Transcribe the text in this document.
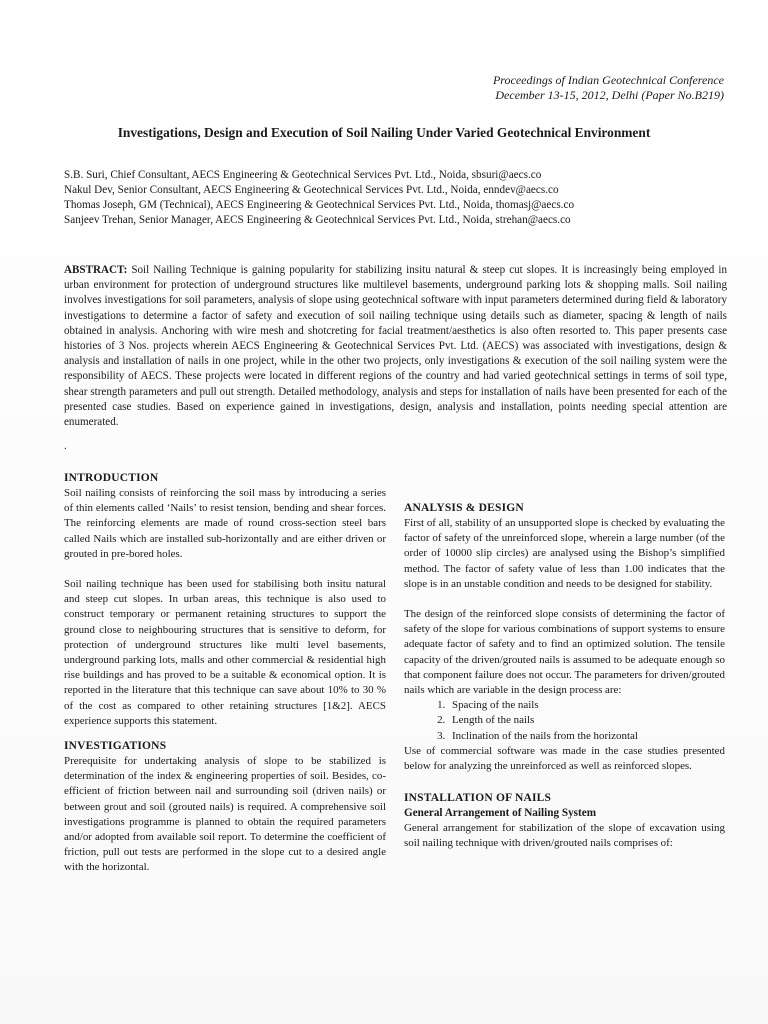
Proceedings of Indian Geotechnical Conference
December 13-15, 2012, Delhi (Paper No.B219)
Investigations, Design and Execution of Soil Nailing Under Varied Geotechnical Environment
S.B. Suri, Chief Consultant, AECS Engineering & Geotechnical Services Pvt. Ltd., Noida, sbsuri@aecs.co
Nakul Dev, Senior Consultant, AECS Engineering & Geotechnical Services Pvt. Ltd., Noida, enndev@aecs.co
Thomas Joseph, GM (Technical), AECS Engineering & Geotechnical Services Pvt. Ltd., Noida, thomasj@aecs.co
Sanjeev Trehan, Senior Manager, AECS Engineering & Geotechnical Services Pvt. Ltd., Noida, strehan@aecs.co
ABSTRACT: Soil Nailing Technique is gaining popularity for stabilizing insitu natural & steep cut slopes. It is increasingly being employed in urban environment for protection of underground structures like multilevel basements, underground parking lots & shopping malls. Soil nailing involves investigations for soil parameters, analysis of slope using geotechnical software with input parameters determined during field & laboratory investigations to determine a factor of safety and execution of soil nailing technique using details such as diameter, spacing & length of nails obtained in analysis. Anchoring with wire mesh and shotcreting for facial treatment/aesthetics is also often resorted to. This paper presents case histories of 3 Nos. projects wherein AECS Engineering & Geotechnical Services Pvt. Ltd. (AECS) was associated with investigations, design & analysis and installation of nails in one project, while in the other two projects, only investigations & execution of the soil nailing system were the responsibility of AECS. These projects were located in different regions of the country and had varied geotechnical settings in terms of soil type, shear strength parameters and pull out strength. Detailed methodology, analysis and steps for installation of nails have been presented for each of the presented case studies. Based on experience gained in investigations, design, analysis and installation, points needing special attention are enumerated.
.
INTRODUCTION

Soil nailing consists of reinforcing the soil mass by introducing a series of thin elements called ‘Nails’ to resist tension, bending and shear forces. The reinforcing elements are made of round cross-section steel bars called Nails which are installed sub-horizontally and are either driven or grouted in pre-bored holes.

Soil nailing technique has been used for stabilising both insitu natural and steep cut slopes. In urban areas, this technique is also used to construct temporary or permanent retaining structures to support the ground close to neighbouring structures that is sensitive to deform, for protection of underground structures like multi level basements, underground parking lots, malls and other commercial & residential high rise buildings and has proved to be a suitable & economical option. It is reported in the literature that this technique can save about 10% to 30 % of the cost as compared to other retaining structures [1&2]. AECS experience supports this statement.

INVESTIGATIONS

Prerequisite for undertaking analysis of slope to be stabilized is determination of the index & engineering properties of soil. Besides, co-efficient of friction between nail and surrounding soil (driven nails) or between grout and soil (grouted nails) is required. A comprehensive soil investigations programme is planned to obtain the required parameters and/or adopted from available soil report. To determine the coefficient of friction, pull out tests are performed in the slope cut to a desired angle with the horizontal.

ANALYSIS & DESIGN

First of all, stability of an unsupported slope is checked by evaluating the factor of safety of the unreinforced slope, wherein a large number (of the order of 10000 slip circles) are analysed using the Bishop’s simplified method. The factor of safety value of less than 1.00 indicates that the slope is in an unstable condition and needs to be designed for stability.

The design of the reinforced slope consists of determining the factor of safety of the slope for various combinations of support systems to ensure adequate factor of safety and to find an optimized solution. The tensile capacity of the driven/grouted nails is assumed to be adequate enough so that component failure does not occur. The parameters for driven/grouted nails which are variable in the design process are:

1. Spacing of the nails
2. Length of the nails
3. Inclination of the nails from the horizontal

Use of commercial software was made in the case studies presented below for analyzing the unreinforced as well as reinforced slopes.

INSTALLATION OF NAILS
General Arrangement of Nailing System

General arrangement for stabilization of the slope of excavation using soil nailing technique with driven/grouted nails comprises of:
